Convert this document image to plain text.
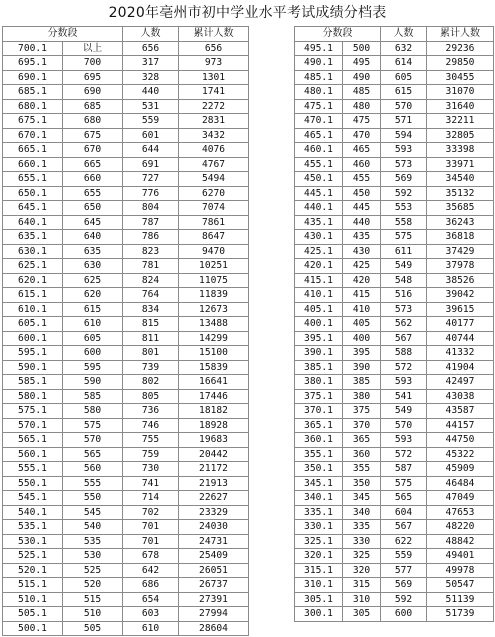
2020年亳州市初中学业水平考试成绩分档表
分数段		人数	累计人数
700.1	以上	656	656
695.1	700	317	973
690.1	695	328	1301
685.1	690	440	1741
680.1	685	531	2272
675.1	680	559	2831
670.1	675	601	3432
665.1	670	644	4076
660.1	665	691	4767
655.1	660	727	5494
650.1	655	776	6270
645.1	650	804	7074
640.1	645	787	7861
635.1	640	786	8647
630.1	635	823	9470
625.1	630	781	10251
620.1	625	824	11075
615.1	620	764	11839
610.1	615	834	12673
605.1	610	815	13488
600.1	605	811	14299
595.1	600	801	15100
590.1	595	739	15839
585.1	590	802	16641
580.1	585	805	17446
575.1	580	736	18182
570.1	575	746	18928
565.1	570	755	19683
560.1	565	759	20442
555.1	560	730	21172
550.1	555	741	21913
545.1	550	714	22627
540.1	545	702	23329
535.1	540	701	24030
530.1	535	701	24731
525.1	530	678	25409
520.1	525	642	26051
515.1	520	686	26737
510.1	515	654	27391
505.1	510	603	27994
500.1	505	610	28604
分数段		人数	累计人数
495.1	500	632	29236
490.1	495	614	29850
485.1	490	605	30455
480.1	485	615	31070
475.1	480	570	31640
470.1	475	571	32211
465.1	470	594	32805
460.1	465	593	33398
455.1	460	573	33971
450.1	455	569	34540
445.1	450	592	35132
440.1	445	553	35685
435.1	440	558	36243
430.1	435	575	36818
425.1	430	611	37429
420.1	425	549	37978
415.1	420	548	38526
410.1	415	516	39042
405.1	410	573	39615
400.1	405	562	40177
395.1	400	567	40744
390.1	395	588	41332
385.1	390	572	41904
380.1	385	593	42497
375.1	380	541	43038
370.1	375	549	43587
365.1	370	570	44157
360.1	365	593	44750
355.1	360	572	45322
350.1	355	587	45909
345.1	350	575	46484
340.1	345	565	47049
335.1	340	604	47653
330.1	335	567	48220
325.1	330	622	48842
320.1	325	559	49401
315.1	320	577	49978
310.1	315	569	50547
305.1	310	592	51139
300.1	305	600	51739
